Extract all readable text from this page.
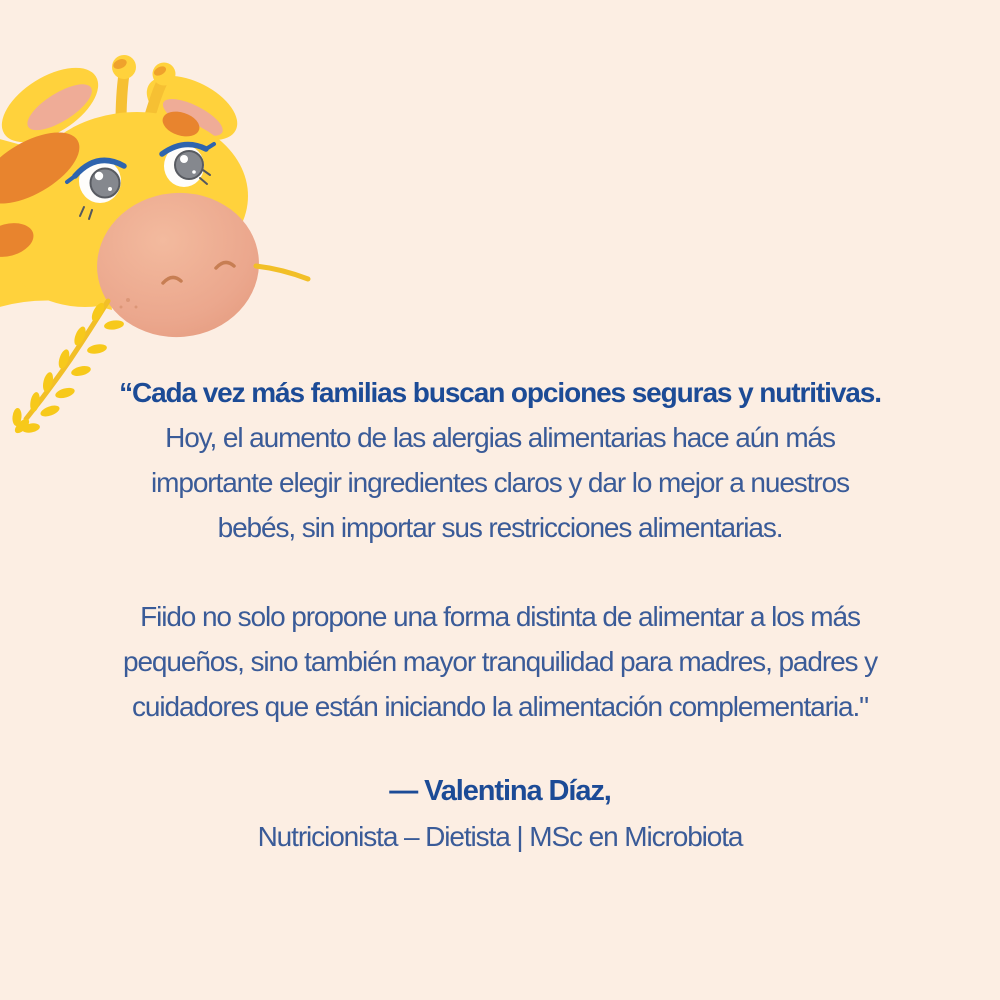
“Cada vez más familias buscan opciones seguras y nutritivas.
Hoy, el aumento de las alergias alimentarias hace aún más
importante elegir ingredientes claros y dar lo mejor a nuestros
bebés, sin importar sus restricciones alimentarias.

Fiido no solo propone una forma distinta de alimentar a los más
pequeños, sino también mayor tranquilidad para madres, padres y
cuidadores que están iniciando la alimentación complementaria."

— Valentina Díaz,
Nutricionista – Dietista | MSc en Microbiota
